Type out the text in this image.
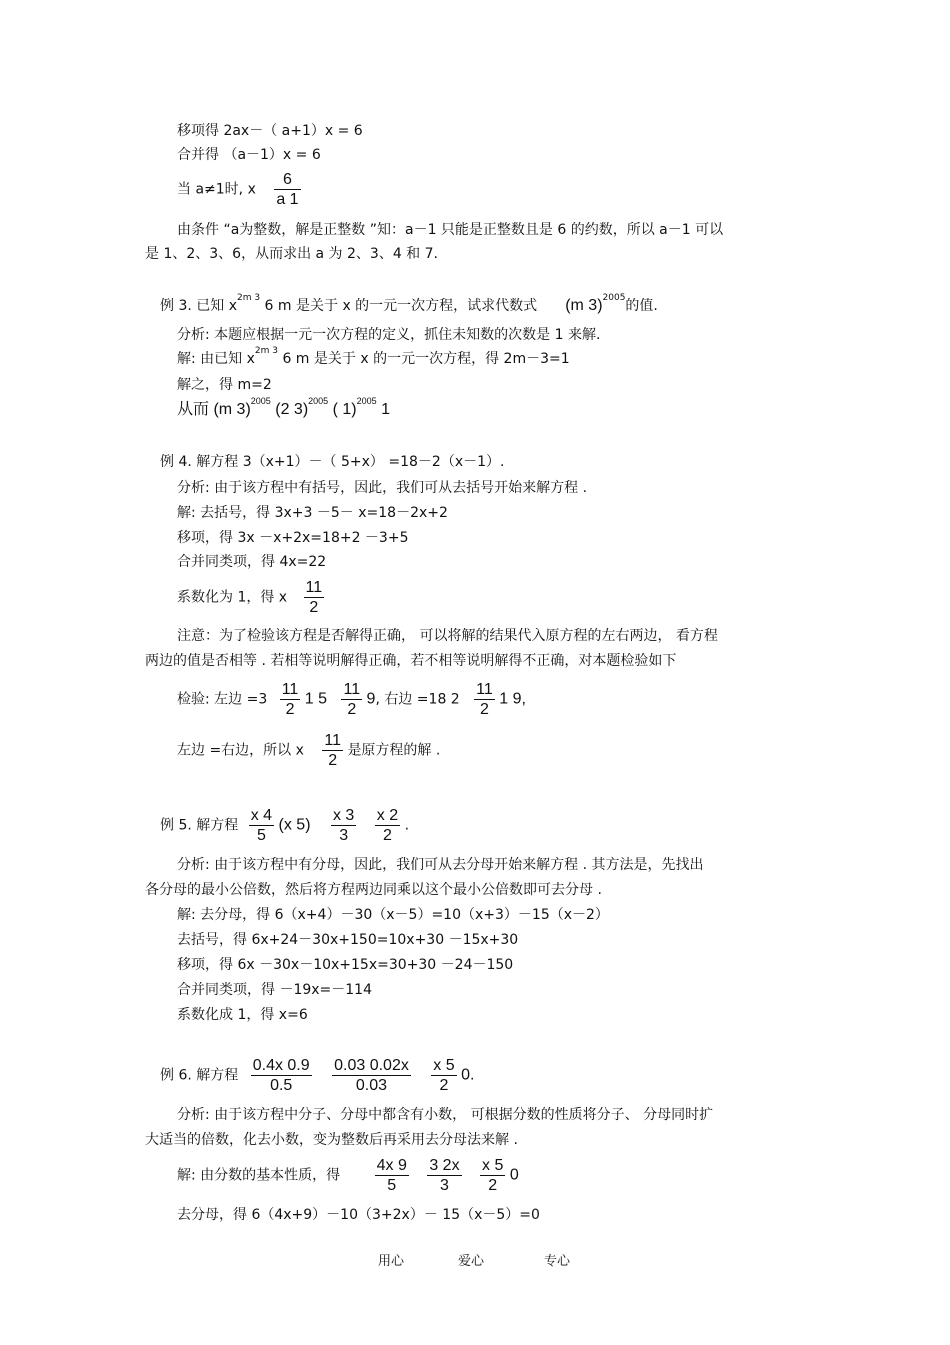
移项得 2ax－（ a+1）x = 6
合并得 （a－1）x = 6
当 a≠1时, x $\frac{6}{a 1}$
由条件 “a为整数，解是正整数 ”知：a－1 只能是正整数且是 6 的约数，所以 a－1 可以
是 1、2、3、6，从而求出 a 为 2、3、4 和 7.
例 3. 已知 $x^{2m 3}$ 6 m 是关于 x 的一元一次方程，试求代数式 (m 3)$^{2005}$的值.
分析: 本题应根据一元一次方程的定义，抓住未知数的次数是 1 来解.
解: 由已知 $x^{2m 3}$ 6 m 是关于 x 的一元一次方程，得 2m－3=1
解之，得 m=2
从而 (m 3)$^{2005}$ (2 3)$^{2005}$ ( 1)$^{2005}$ 1
例 4. 解方程 3（x+1）－（ 5+x） =18－2（x－1）.
分析: 由于该方程中有括号，因此，我们可从去括号开始来解方程 .
解: 去括号，得 3x+3 －5－ x=18－2x+2
移项，得 3x －x+2x=18+2 －3+5
合并同类项，得 4x=22
系数化为 1，得 x $\frac{11}{2}$
注意：为了检验该方程是否解得正确， 可以将解的结果代入原方程的左右两边， 看方程
两边的值是否相等 . 若相等说明解得正确，若不相等说明解得不正确，对本题检验如下
检验: 左边 $=3 \frac{11}{2} 1$ $5 \frac{11}{2} 9$, 右边 =18 $2 \frac{11}{2} 1$ 9,
左边 =右边，所以 x $\frac{11}{2}$ 是原方程的解 .
例 5. 解方程 $\frac{x 4}{5} (x$ $5) \frac{x 3}{3}$
$\frac{x 2}{2}$ .
分析: 由于该方程中有分母，因此，我们可从去分母开始来解方程 . 其方法是，先找出
各分母的最小公倍数，然后将方程两边同乘以这个最小公倍数即可去分母 .
解: 去分母，得 6（x+4）－30（x－5）=10（x+3）－15（x－2）
去括号，得 6x+24－30x+150=10x+30 －15x+30
移项，得 6x －30x－10x+15x=30+30 －24－150
合并同类项，得 －19x=－114
系数化成 1，得 x=6
例 6. 解方程 $\frac{0.4x 0.9}{0.5}$
$\frac{0.03 0.02x}{0.03}$
$\frac{x 5}{2} 0$.
分析: 由于该方程中分子、分母中都含有小数， 可根据分数的性质将分子、 分母同时扩
大适当的倍数，化去小数，变为整数后再采用去分母法来解 .
解: 由分数的基本性质，得 $\frac{4x 9}{5}$
$\frac{3 2x}{3}$
$\frac{x 5}{2} 0$
去分母，得 6（4x+9）－10（3+2x）－ 15（x－5）=0
用心	爱心	专心
